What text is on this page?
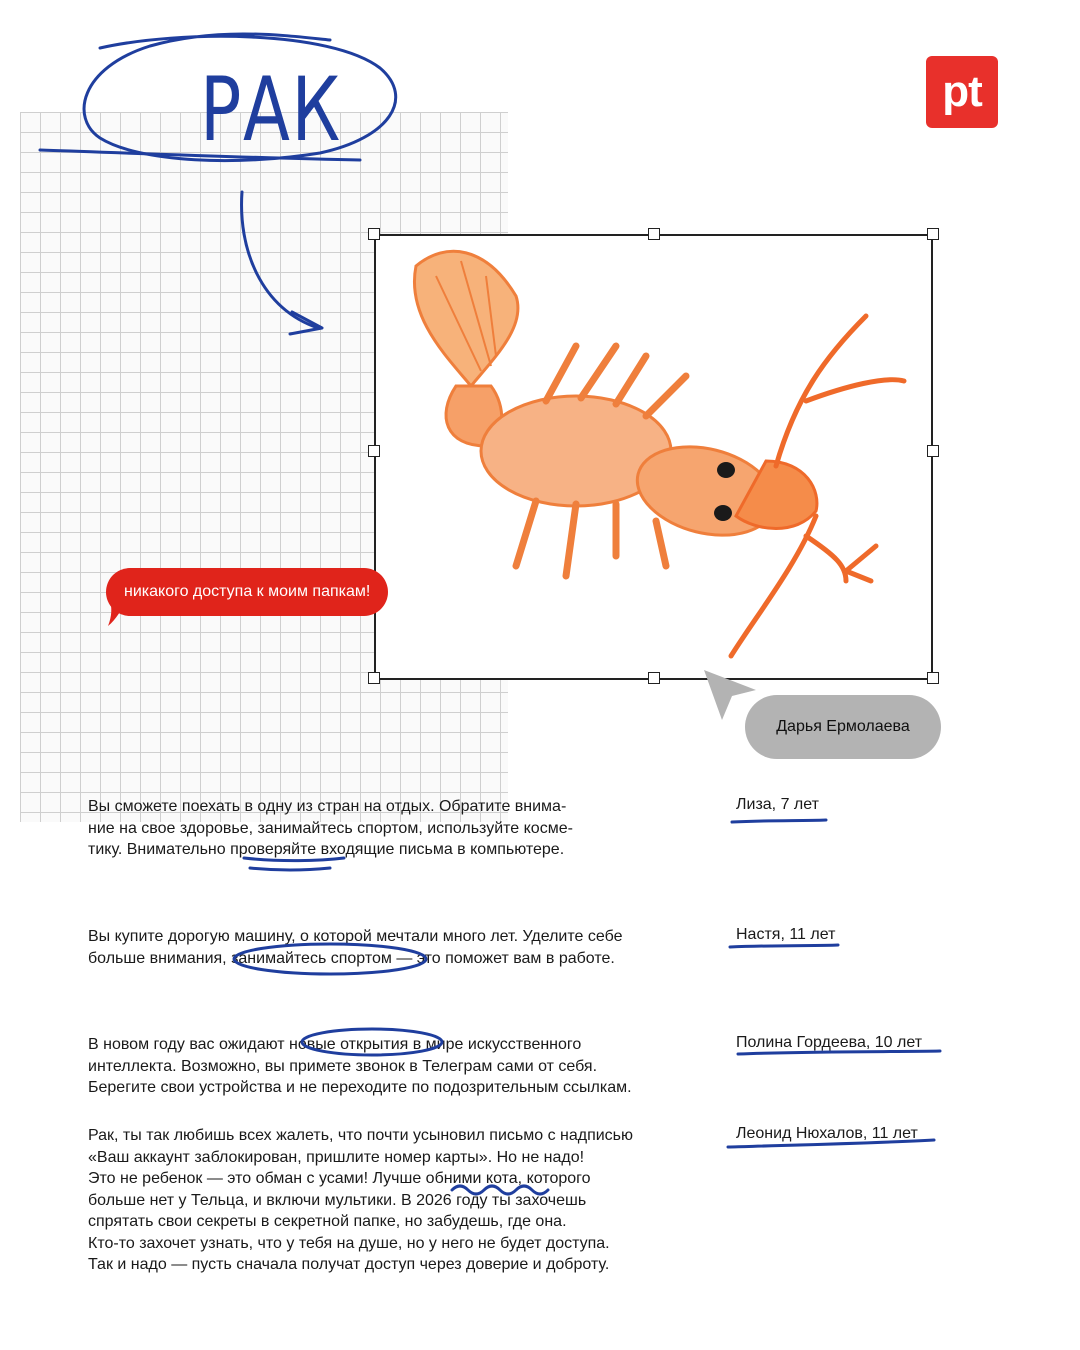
РАК	pt
никакого доступа к моим папкам!
Дарья Ермолаева
Вы сможете поехать в одну из стран на отдых. Обратите внима-
ние на свое здоровье, занимайтесь спортом, используйте косме-
тику. Внимательно проверяйте входящие письма в компьютере.
Лиза, 7 лет
Вы купите дорогую машину, о которой мечтали много лет. Уделите себе
больше внимания, занимайтесь спортом — это поможет вам в работе.
Настя, 11 лет
В новом году вас ожидают новые открытия в мире искусственного
интеллекта. Возможно, вы примете звонок в Телеграм сами от себя.
Берегите свои устройства и не переходите по подозрительным ссылкам.
Полина Гордеева, 10 лет
Рак, ты так любишь всех жалеть, что почти усыновил письмо с надписью
«Ваш аккаунт заблокирован, пришлите номер карты». Но не надо!
Это не ребенок — это обман с усами! Лучше обними кота, которого
больше нет у Тельца, и включи мультики. В 2026 году ты захочешь
спрятать свои секреты в секретной папке, но забудешь, где она.
Кто-то захочет узнать, что у тебя на душе, но у него не будет доступа.
Так и надо — пусть сначала получат доступ через доверие и доброту.
Леонид Нюхалов, 11 лет
